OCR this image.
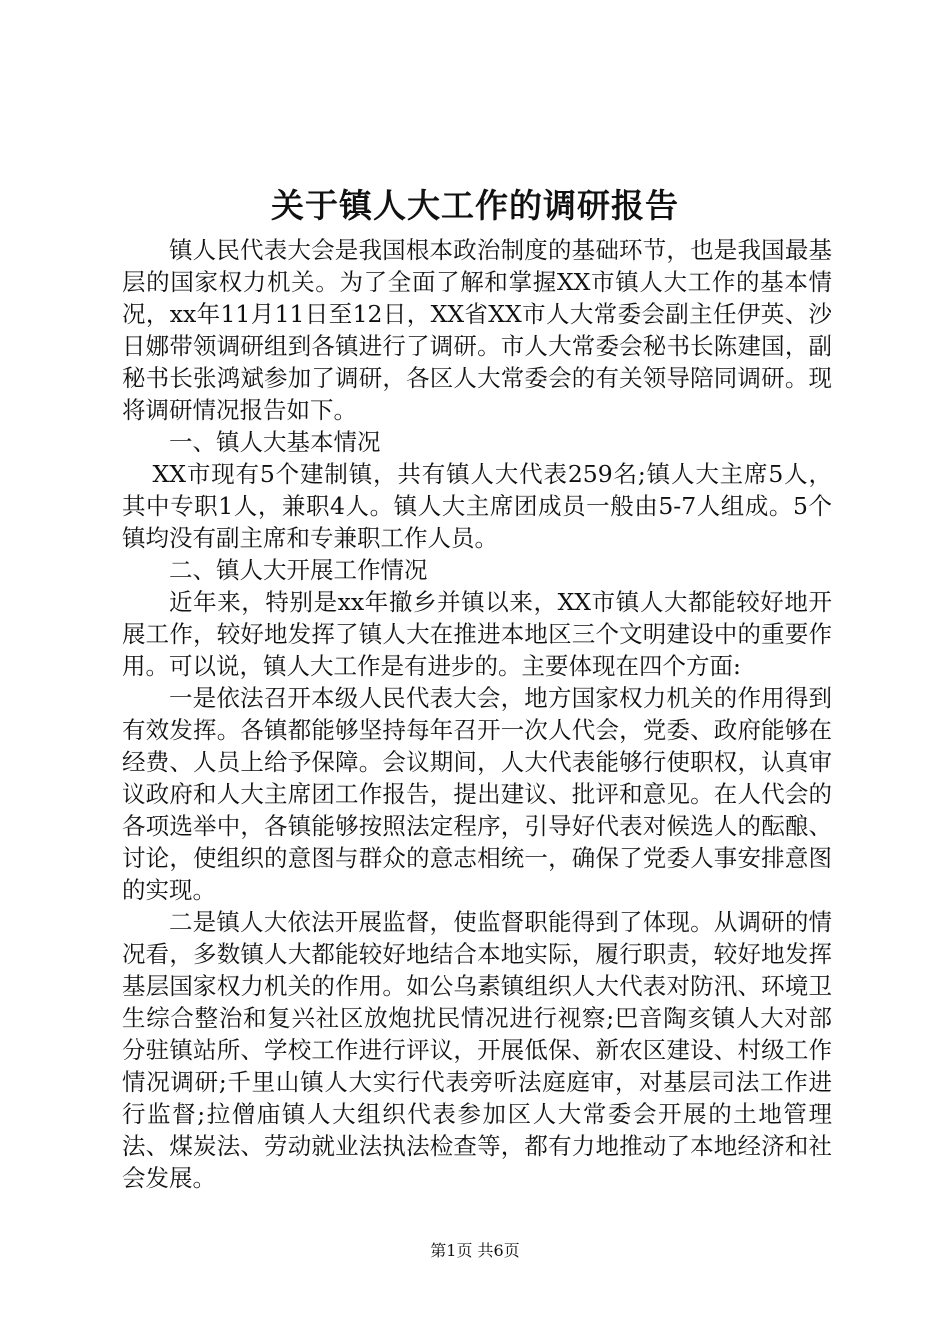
关于镇人大工作的调研报告

镇人民代表大会是我国根本政治制度的基础环节，也是我国最基层的国家权力机关。为了全面了解和掌握XX市镇人大工作的基本情况，xx年11月11日至12日，XX省XX市人大常委会副主任伊英、沙日娜带领调研组到各镇进行了调研。市人大常委会秘书长陈建国，副秘书长张鸿斌参加了调研，各区人大常委会的有关领导陪同调研。现将调研情况报告如下。

一、镇人大基本情况

XX市现有5个建制镇，共有镇人大代表259名;镇人大主席5人，其中专职1人，兼职4人。镇人大主席团成员一般由5-7人组成。5个镇均没有副主席和专兼职工作人员。

二、镇人大开展工作情况

近年来，特别是xx年撤乡并镇以来，XX市镇人大都能较好地开展工作，较好地发挥了镇人大在推进本地区三个文明建设中的重要作用。可以说，镇人大工作是有进步的。主要体现在四个方面:

一是依法召开本级人民代表大会，地方国家权力机关的作用得到有效发挥。各镇都能够坚持每年召开一次人代会，党委、政府能够在经费、人员上给予保障。会议期间，人大代表能够行使职权，认真审议政府和人大主席团工作报告，提出建议、批评和意见。在人代会的各项选举中，各镇能够按照法定程序，引导好代表对候选人的酝酿、讨论，使组织的意图与群众的意志相统一，确保了党委人事安排意图的实现。

二是镇人大依法开展监督，使监督职能得到了体现。从调研的情况看，多数镇人大都能较好地结合本地实际，履行职责，较好地发挥基层国家权力机关的作用。如公乌素镇组织人大代表对防汛、环境卫生综合整治和复兴社区放炮扰民情况进行视察;巴音陶亥镇人大对部分驻镇站所、学校工作进行评议，开展低保、新农区建设、村级工作情况调研;千里山镇人大实行代表旁听法庭庭审，对基层司法工作进行监督;拉僧庙镇人大组织代表参加区人大常委会开展的土地管理法、煤炭法、劳动就业法执法检查等，都有力地推动了本地经济和社会发展。

第1页 共6页
